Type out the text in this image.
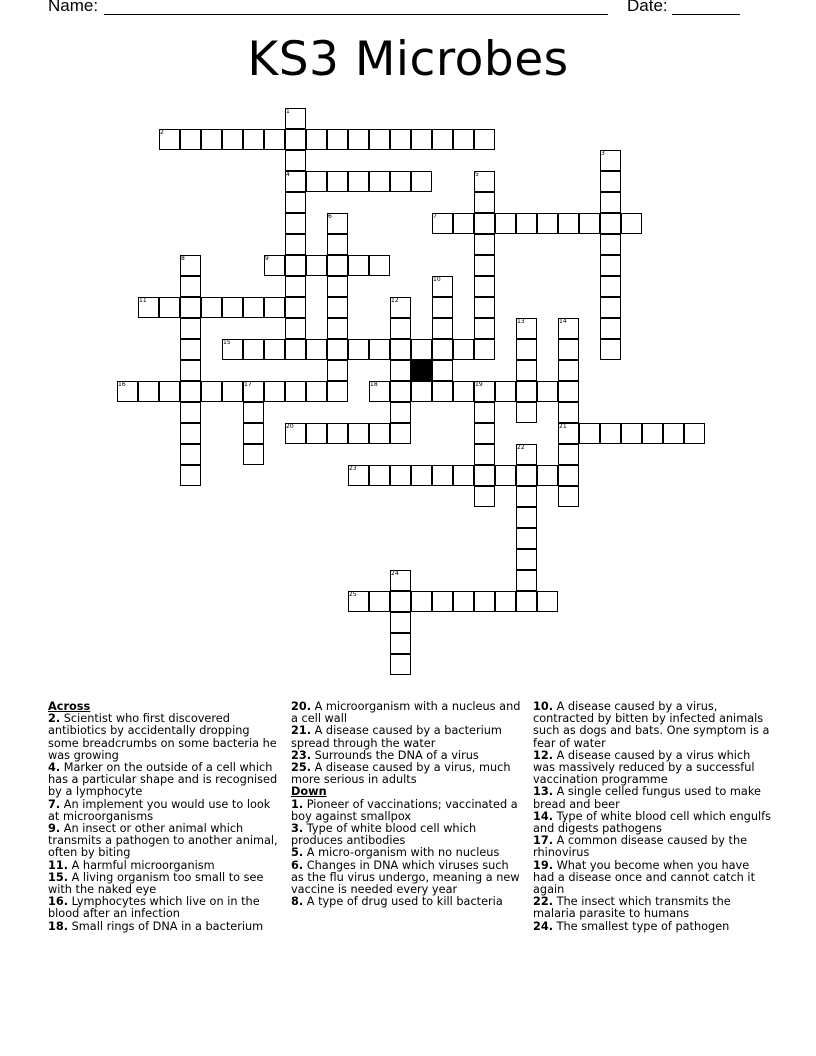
Name:	Date:
KS3 Microbes
2
4
7
9
11
15
16	18
20	21
23
25
1
3
5
6
8
10
12
13	14
17	19
22
24
Across
2. Scientist who first discovered antibiotics by accidentally dropping some breadcrumbs on some bacteria he was growing
4. Marker on the outside of a cell which has a particular shape and is recognised by a lymphocyte
7. An implement you would use to look at microorganisms
9. An insect or other animal which transmits a pathogen to another animal, often by biting
11. A harmful microorganism
15. A living organism too small to see with the naked eye
16. Lymphocytes which live on in the blood after an infection
18. Small rings of DNA in a bacterium
20. A microorganism with a nucleus and a cell wall
21. A disease caused by a bacterium spread through the water
23. Surrounds the DNA of a virus
25. A disease caused by a virus, much more serious in adults
Down
1. Pioneer of vaccinations; vaccinated a boy against smallpox
3. Type of white blood cell which produces antibodies
5. A micro-organism with no nucleus
6. Changes in DNA which viruses such as the flu virus undergo, meaning a new vaccine is needed every year
8. A type of drug used to kill bacteria
10. A disease caused by a virus, contracted by bitten by infected animals such as dogs and bats. One symptom is a fear of water
12. A disease caused by a virus which was massively reduced by a successful vaccination programme
13. A single celled fungus used to make bread and beer
14. Type of white blood cell which engulfs and digests pathogens
17. A common disease caused by the rhinovirus
19. What you become when you have had a disease once and cannot catch it again
22. The insect which transmits the malaria parasite to humans
24. The smallest type of pathogen
